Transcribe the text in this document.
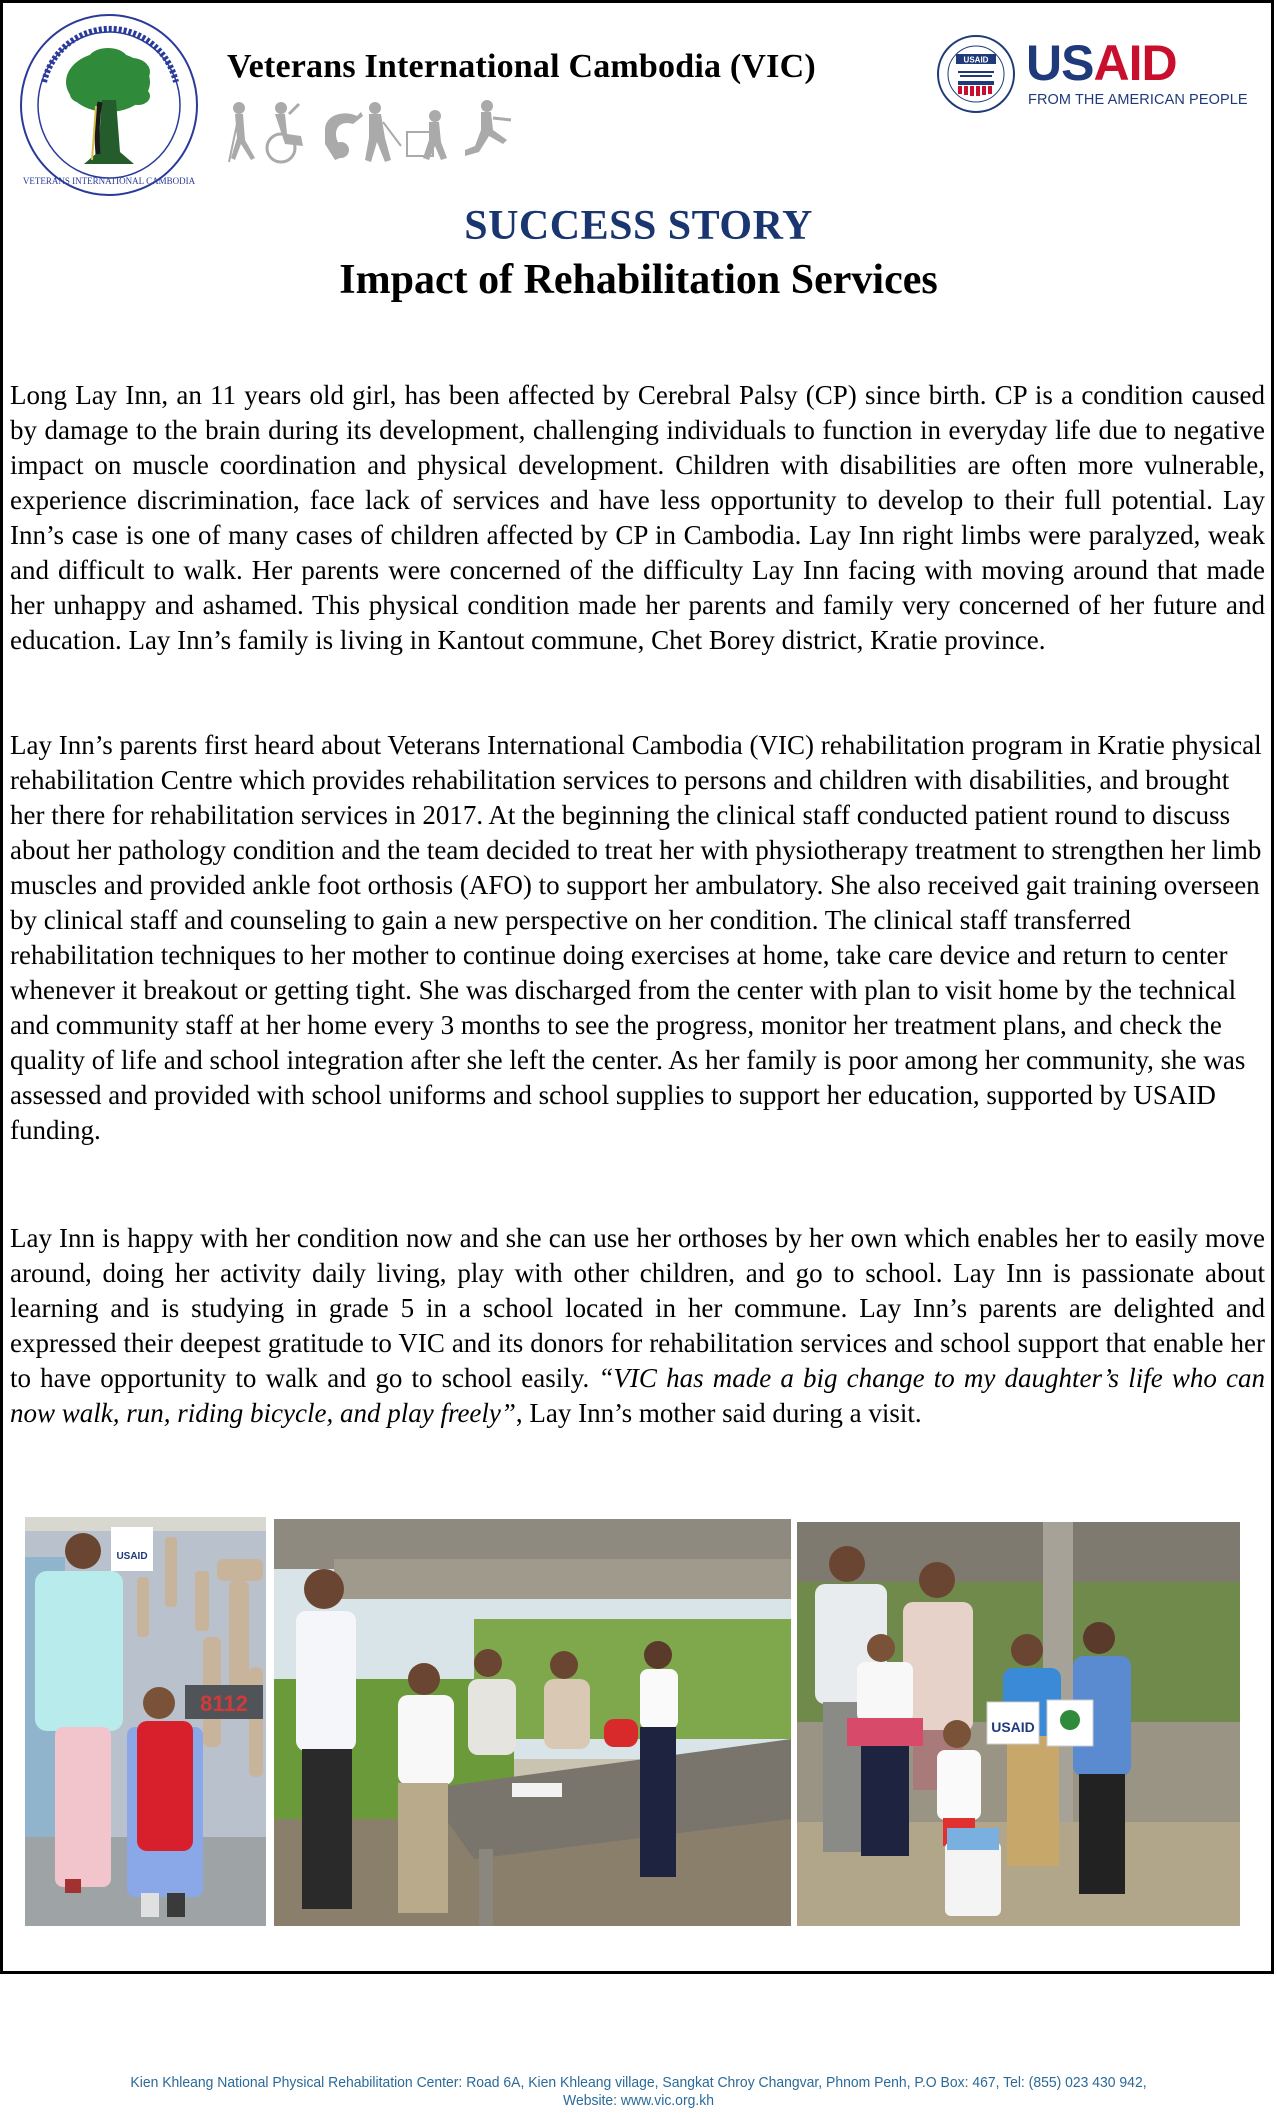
VETERANS INTERNATIONAL CAMBODIA
Veterans International Cambodia (VIC)	USAID USAID
FROM THE AMERICAN PEOPLE
SUCCESS STORY
Impact of Rehabilitation Services

Long Lay Inn, an 11 years old girl, has been affected by Cerebral Palsy (CP) since birth. CP is a condition caused by damage to the brain during its development, challenging individuals to function in everyday life due to negative impact on muscle coordination and physical development. Children with disabilities are often more vulnerable, experience discrimination, face lack of services and have less opportunity to develop to their full potential. Lay Inn’s case is one of many cases of children affected by CP in Cambodia. Lay Inn right limbs were paralyzed, weak and difficult to walk. Her parents were concerned of the difficulty Lay Inn facing with moving around that made her unhappy and ashamed. This physical condition made her parents and family very concerned of her future and education. Lay Inn’s family is living in Kantout commune, Chet Borey district, Kratie province.

Lay Inn’s parents first heard about Veterans International Cambodia (VIC) rehabilitation program in Kratie physical rehabilitation Centre which provides rehabilitation services to persons and children with disabilities, and brought her there for rehabilitation services in 2017. At the beginning the clinical staff conducted patient round to discuss about her pathology condition and the team decided to treat her with physiotherapy treatment to strengthen her limb muscles and provided ankle foot orthosis (AFO) to support her ambulatory. She also received gait training overseen by clinical staff and counseling to gain a new perspective on her condition. The clinical staff transferred rehabilitation techniques to her mother to continue doing exercises at home, take care device and return to center whenever it breakout or getting tight. She was discharged from the center with plan to visit home by the technical and community staff at her home every 3 months to see the progress, monitor her treatment plans, and check the quality of life and school integration after she left the center. As her family is poor among her community, she was assessed and provided with school uniforms and school supplies to support her education, supported by USAID funding.

Lay Inn is happy with her condition now and she can use her orthoses by her own which enables her to easily move around, doing her activity daily living, play with other children, and go to school. Lay Inn is passionate about learning and is studying in grade 5 in a school located in her commune. Lay Inn’s parents are delighted and expressed their deepest gratitude to VIC and its donors for rehabilitation services and school support that enable her to have opportunity to walk and go to school easily. “VIC has made a big change to my daughter’s life who can now walk, run, riding bicycle, and play freely”, Lay Inn’s mother said during a visit.

USAID
8112
USAID
Kien Khleang National Physical Rehabilitation Center: Road 6A, Kien Khleang village, Sangkat Chroy Changvar, Phnom Penh, P.O Box: 467, Tel: (855) 023 430 942,
Website: www.vic.org.kh
